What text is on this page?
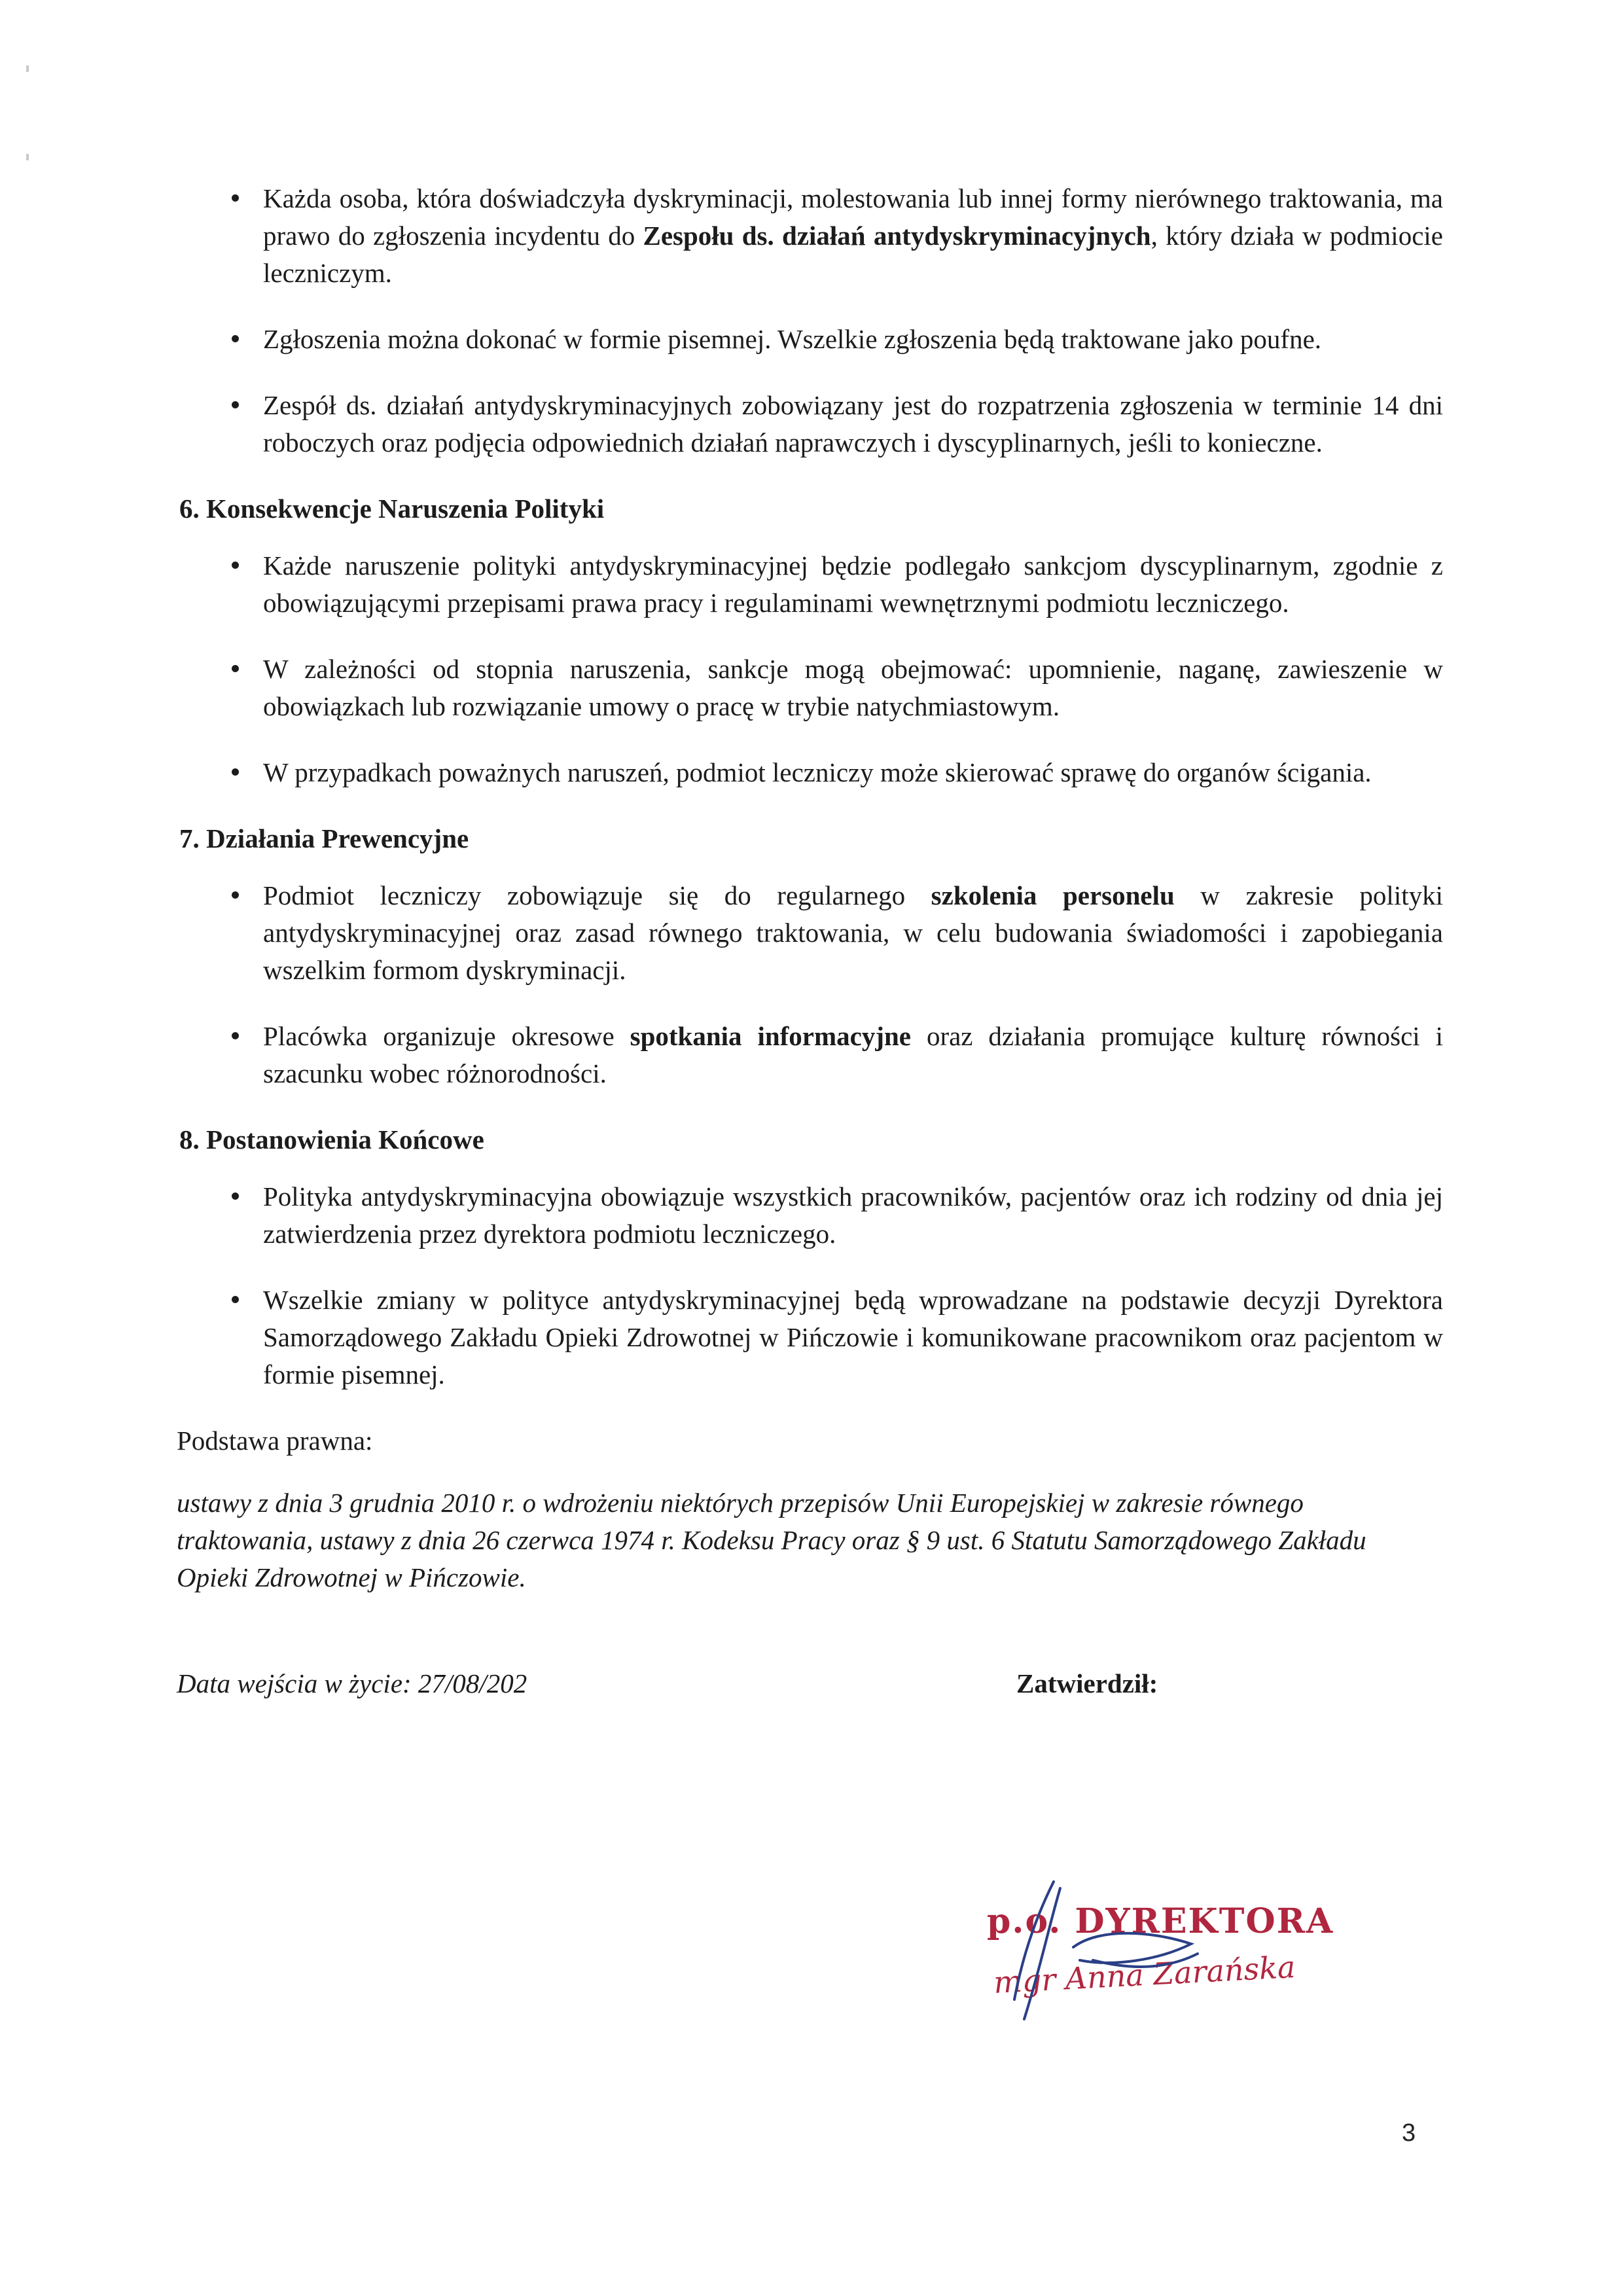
Każda osoba, która doświadczyła dyskryminacji, molestowania lub innej formy nierównego traktowania, ma prawo do zgłoszenia incydentu do Zespołu ds. działań antydyskryminacyjnych, który działa w podmiocie leczniczym.
Zgłoszenia można dokonać w formie pisemnej. Wszelkie zgłoszenia będą traktowane jako poufne.
Zespół ds. działań antydyskryminacyjnych zobowiązany jest do rozpatrzenia zgłoszenia w terminie 14 dni roboczych oraz podjęcia odpowiednich działań naprawczych i dyscyplinarnych, jeśli to konieczne.
6. Konsekwencje Naruszenia Polityki
Każde naruszenie polityki antydyskryminacyjnej będzie podlegało sankcjom dyscyplinarnym, zgodnie z obowiązującymi przepisami prawa pracy i regulaminami wewnętrznymi podmiotu leczniczego.
W zależności od stopnia naruszenia, sankcje mogą obejmować: upomnienie, naganę, zawieszenie w obowiązkach lub rozwiązanie umowy o pracę w trybie natychmiastowym.
W przypadkach poważnych naruszeń, podmiot leczniczy może skierować sprawę do organów ścigania.
7. Działania Prewencyjne
Podmiot leczniczy zobowiązuje się do regularnego szkolenia personelu w zakresie polityki antydyskryminacyjnej oraz zasad równego traktowania, w celu budowania świadomości i zapobiegania wszelkim formom dyskryminacji.
Placówka organizuje okresowe spotkania informacyjne oraz działania promujące kulturę równości i szacunku wobec różnorodności.
8. Postanowienia Końcowe
Polityka antydyskryminacyjna obowiązuje wszystkich pracowników, pacjentów oraz ich rodziny od dnia jej zatwierdzenia przez dyrektora podmiotu leczniczego.
Wszelkie zmiany w polityce antydyskryminacyjnej będą wprowadzane na podstawie decyzji Dyrektora Samorządowego Zakładu Opieki Zdrowotnej w Pińczowie i komunikowane pracownikom oraz pacjentom w formie pisemnej.
Podstawa prawna:
ustawy z dnia 3 grudnia 2010 r. o wdrożeniu niektórych przepisów Unii Europejskiej w zakresie równego traktowania, ustawy z dnia 26 czerwca 1974 r. Kodeksu Pracy oraz § 9 ust. 6 Statutu Samorządowego Zakładu Opieki Zdrowotnej w Pińczowie.
Data wejścia w życie: 27/08/202	Zatwierdził:
p.o. DYREKTORA
mgr Anna Zarańska
3
